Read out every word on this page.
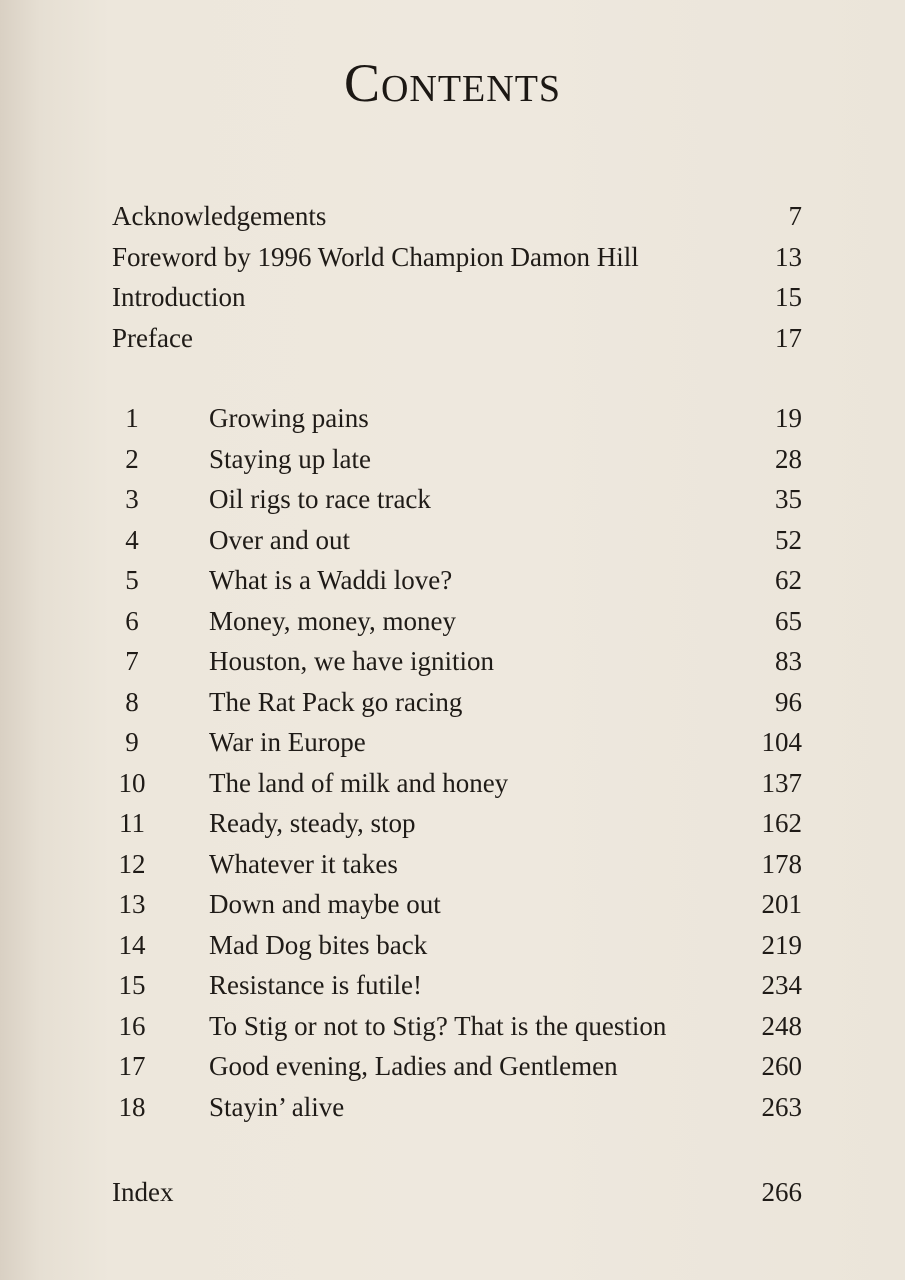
Contents
Acknowledgements	7
Foreword by 1996 World Champion Damon Hill	13
Introduction	15
Preface	17
1	Growing pains	19
2	Staying up late	28
3	Oil rigs to race track	35
4	Over and out	52
5	What is a Waddi love?	62
6	Money, money, money	65
7	Houston, we have ignition	83
8	The Rat Pack go racing	96
9	War in Europe	104
10 The land of milk and honey	137
11 Ready, steady, stop	162
12 Whatever it takes	178
13 Down and maybe out	201
14 Mad Dog bites back	219
15 Resistance is futile!	234
16 To Stig or not to Stig? That is the question	248
17 Good evening, Ladies and Gentlemen	260
18 Stayin’ alive	263
Index	266
